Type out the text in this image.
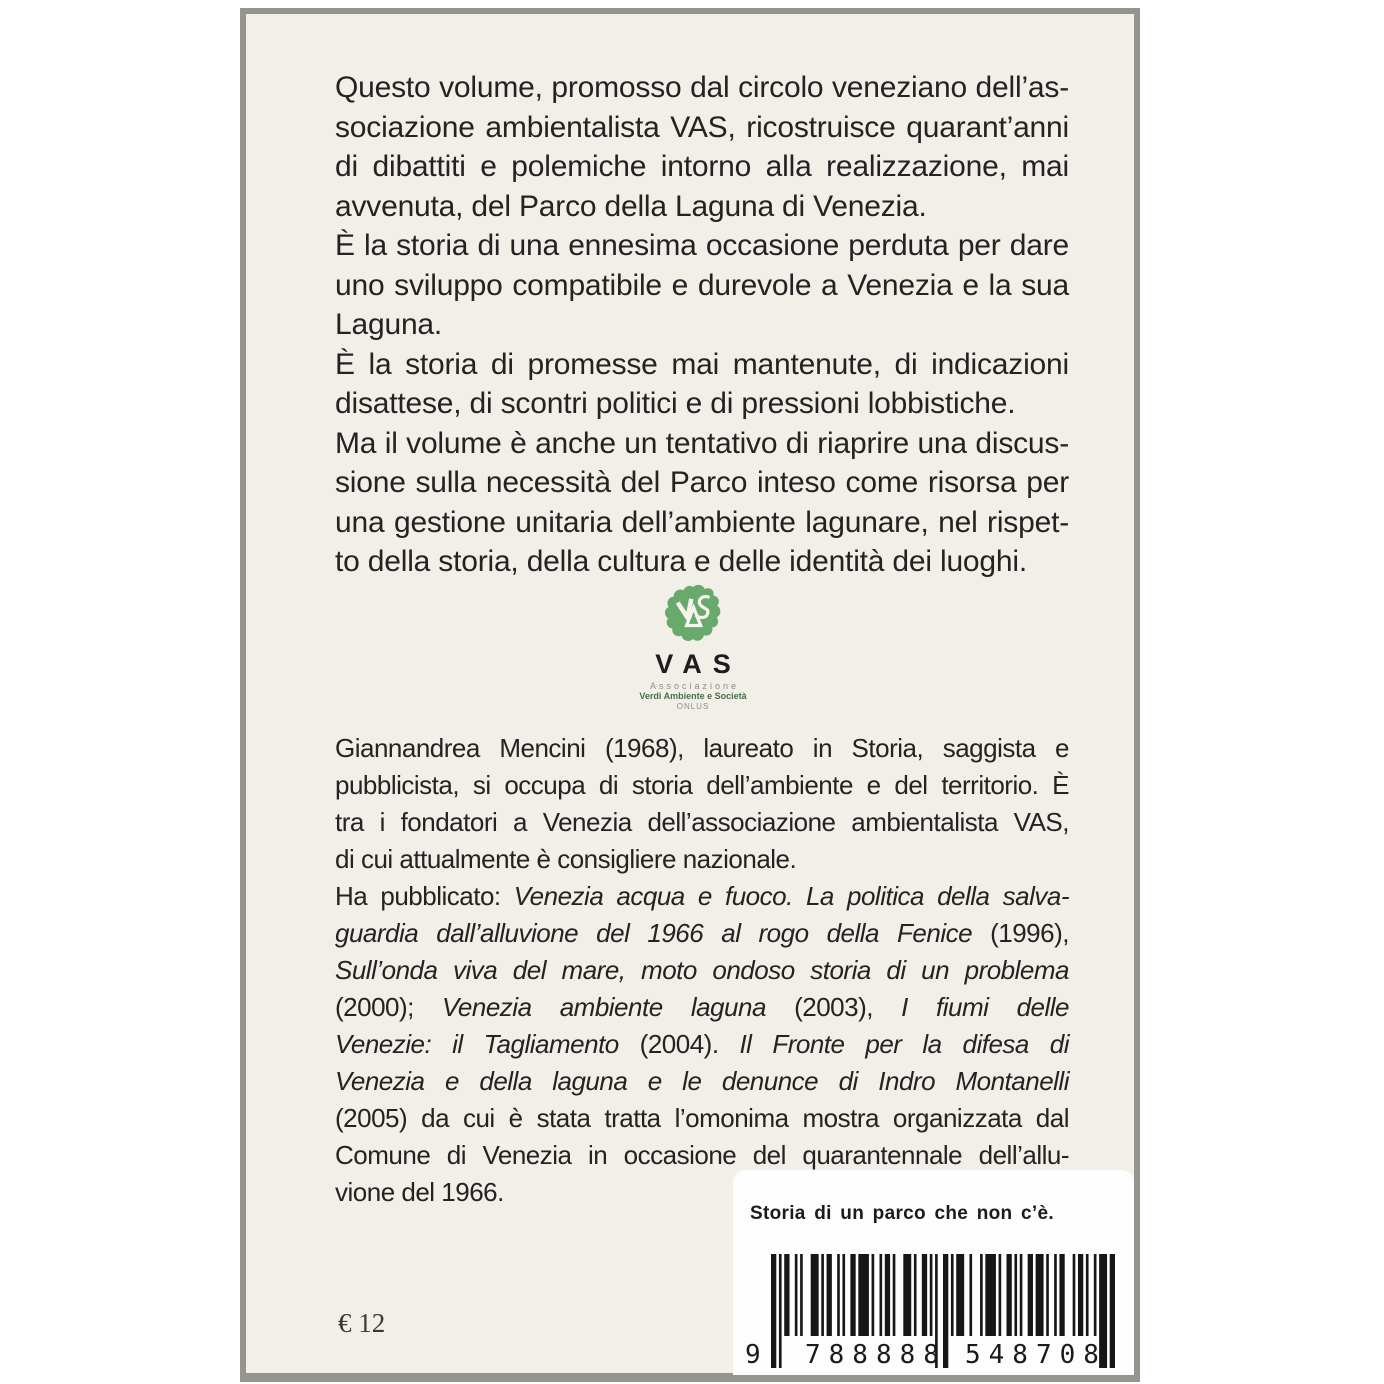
Questo volume, promosso dal circolo veneziano dell’as-
sociazione ambientalista VAS, ricostruisce quarant’anni
di dibattiti e polemiche intorno alla realizzazione, mai
avvenuta, del Parco della Laguna di Venezia.
È la storia di una ennesima occasione perduta per dare
uno sviluppo compatibile e durevole a Venezia e la sua
Laguna.
È la storia di promesse mai mantenute, di indicazioni
disattese, di scontri politici e di pressioni lobbistiche.
Ma il volume è anche un tentativo di riaprire una discus-
sione sulla necessità del Parco inteso come risorsa per
una gestione unitaria dell’ambiente lagunare, nel rispet-
to della storia, della cultura e delle identità dei luoghi.
VAS
Associazione
Verdi Ambiente e Società
ONLUS
Giannandrea Mencini (1968), laureato in Storia, saggista e
pubblicista, si occupa di storia dell’ambiente e del territorio. È
tra i fondatori a Venezia dell’associazione ambientalista VAS,
di cui attualmente è consigliere nazionale.
Ha pubblicato: Venezia acqua e fuoco. La politica della salva-
guardia dall’alluvione del 1966 al rogo della Fenice (1996),
Sull’onda viva del mare, moto ondoso storia di un problema
(2000); Venezia ambiente laguna (2003), I fiumi delle
Venezie: il Tagliamento (2004). Il Fronte per la difesa di
Venezia e della laguna e le denunce di Indro Montanelli
(2005) da cui è stata tratta l’omonima mostra organizzata dal
Comune di Venezia in occasione del quarantennale dell’allu-
vione del 1966.
€ 12
Storia di un parco che non c’è.
9 788888 548708
